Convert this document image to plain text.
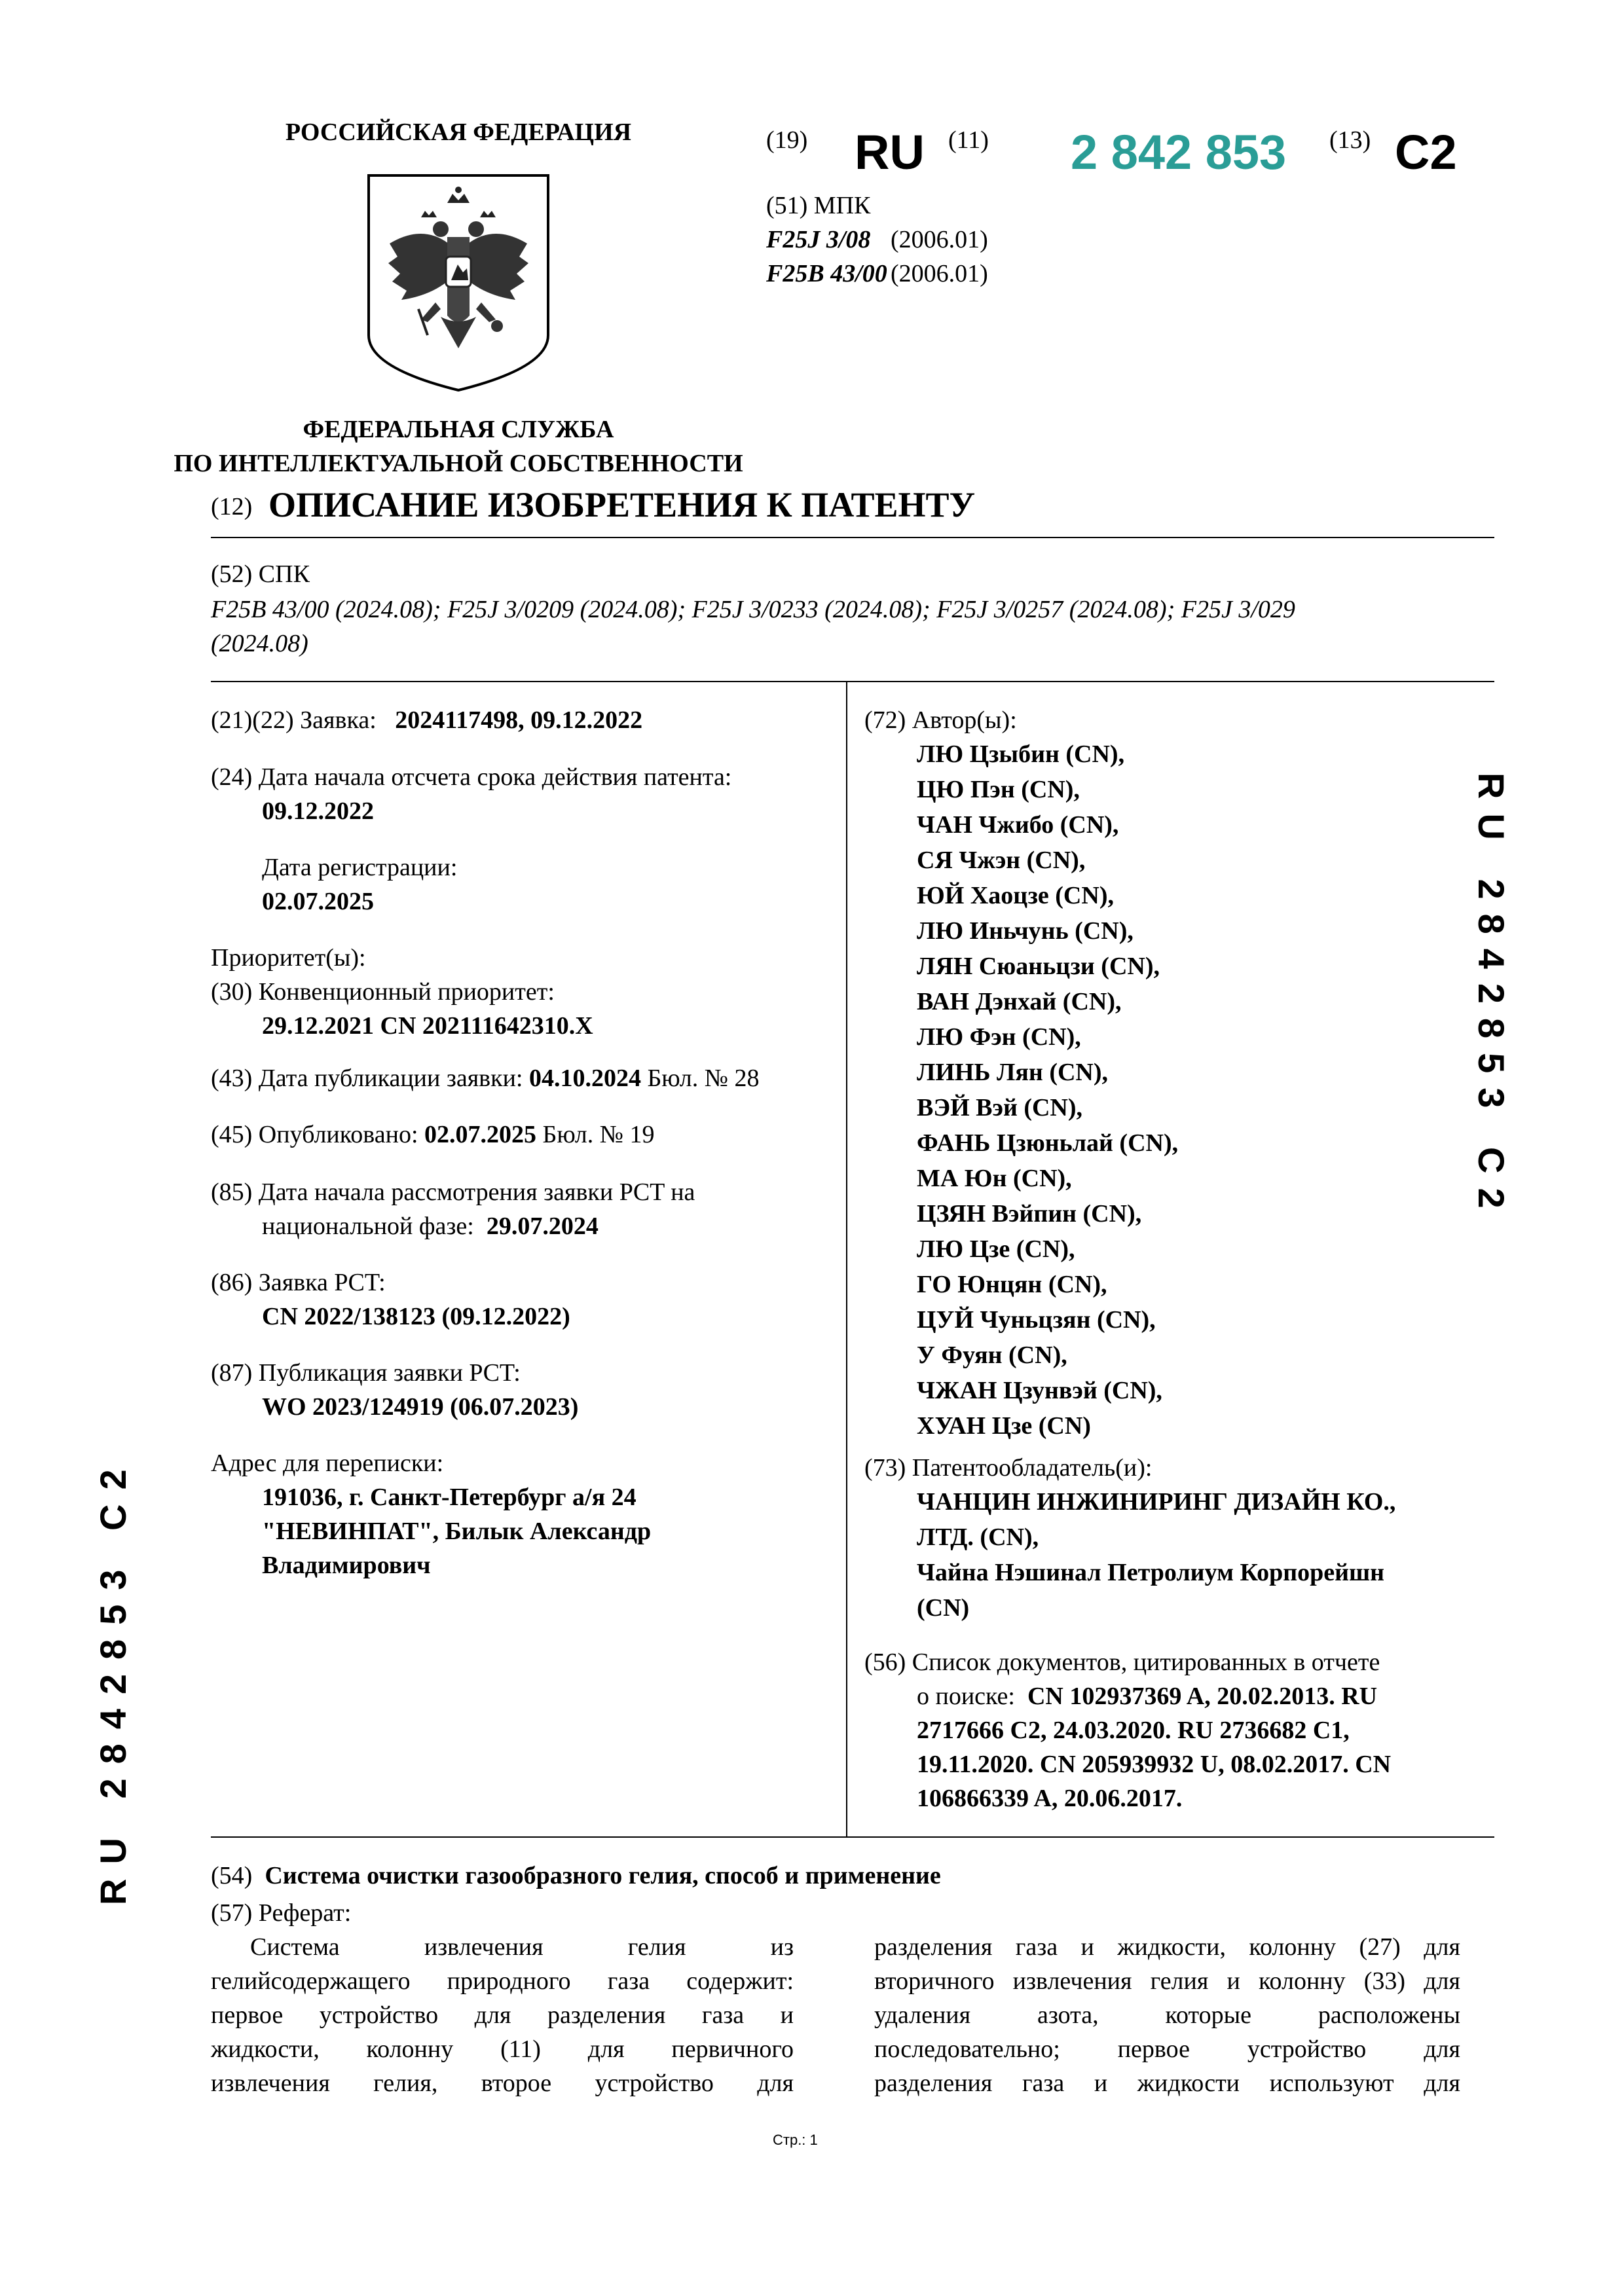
РОССИЙСКАЯ ФЕДЕРАЦИЯ
ФЕДЕРАЛЬНАЯ СЛУЖБА
ПО ИНТЕЛЛЕКТУАЛЬНОЙ СОБСТВЕННОСТИ
(19) RU (11) 2 842 853 (13) C2
(51) МПК
F25J 3/08 (2006.01)
F25B 43/00 (2006.01)
(12) ОПИСАНИЕ ИЗОБРЕТЕНИЯ К ПАТЕНТУ
(52) СПК
F25B 43/00 (2024.08); F25J 3/0209 (2024.08); F25J 3/0233 (2024.08); F25J 3/0257 (2024.08); F25J 3/029
(2024.08)
(21)(22) Заявка: 2024117498, 09.12.2022
(24) Дата начала отсчета срока действия патента:
09.12.2022
Дата регистрации:
02.07.2025
Приоритет(ы):
(30) Конвенционный приоритет:
29.12.2021 CN 202111642310.X
(43) Дата публикации заявки: 04.10.2024 Бюл. № 28
(45) Опубликовано: 02.07.2025 Бюл. № 19
(85) Дата начала рассмотрения заявки PCT на
национальной фазе: 29.07.2024
(86) Заявка PCT:
CN 2022/138123 (09.12.2022)
(87) Публикация заявки PCT:
WO 2023/124919 (06.07.2023)
Адрес для переписки:
191036, г. Санкт-Петербург а/я 24
"НЕВИНПАТ", Билык Александр
Владимирович
(72) Автор(ы):
ЛЮ Цзыбин (CN),
ЦЮ Пэн (CN),
ЧАН Чжибо (CN),
СЯ Чжэн (CN),
ЮЙ Хаоцзе (CN),
ЛЮ Иньчунь (CN),
ЛЯН Сюаньцзи (CN),
ВАН Дэнхай (CN),
ЛЮ Фэн (CN),
ЛИНЬ Лян (CN),
ВЭЙ Вэй (CN),
ФАНЬ Цзюньлай (CN),
МА Юн (CN),
ЦЗЯН Вэйпин (CN),
ЛЮ Цзе (CN),
ГО Юнцян (CN),
ЦУЙ Чуньцзян (CN),
У Фуян (CN),
ЧЖАН Цзунвэй (CN),
ХУАН Цзе (CN)
(73) Патентообладатель(и):
ЧАНЦИН ИНЖИНИРИНГ ДИЗАЙН КО.,
ЛТД. (CN),
Чайна Нэшинал Петролиум Корпорейшн
(CN)
(56) Список документов, цитированных в отчете
о поиске: CN 102937369 A, 20.02.2013. RU
2717666 C2, 24.03.2020. RU 2736682 C1,
19.11.2020. CN 205939932 U, 08.02.2017. CN
106866339 A, 20.06.2017.
RU 2842853 C2
RU 2842853 C2	(54) Система очистки газообразного гелия, способ и применение
(57) Реферат:
Система извлечения гелия из
гелийсодержащего природного газа содержит:
первое устройство для разделения газа и
жидкости, колонну (11) для первичного
извлечения гелия, второе устройство для
разделения газа и жидкости, колонну (27) для
вторичного извлечения гелия и колонну (33) для
удаления азота, которые расположены
последовательно; первое устройство для
разделения газа и жидкости используют для
Стр.: 1
